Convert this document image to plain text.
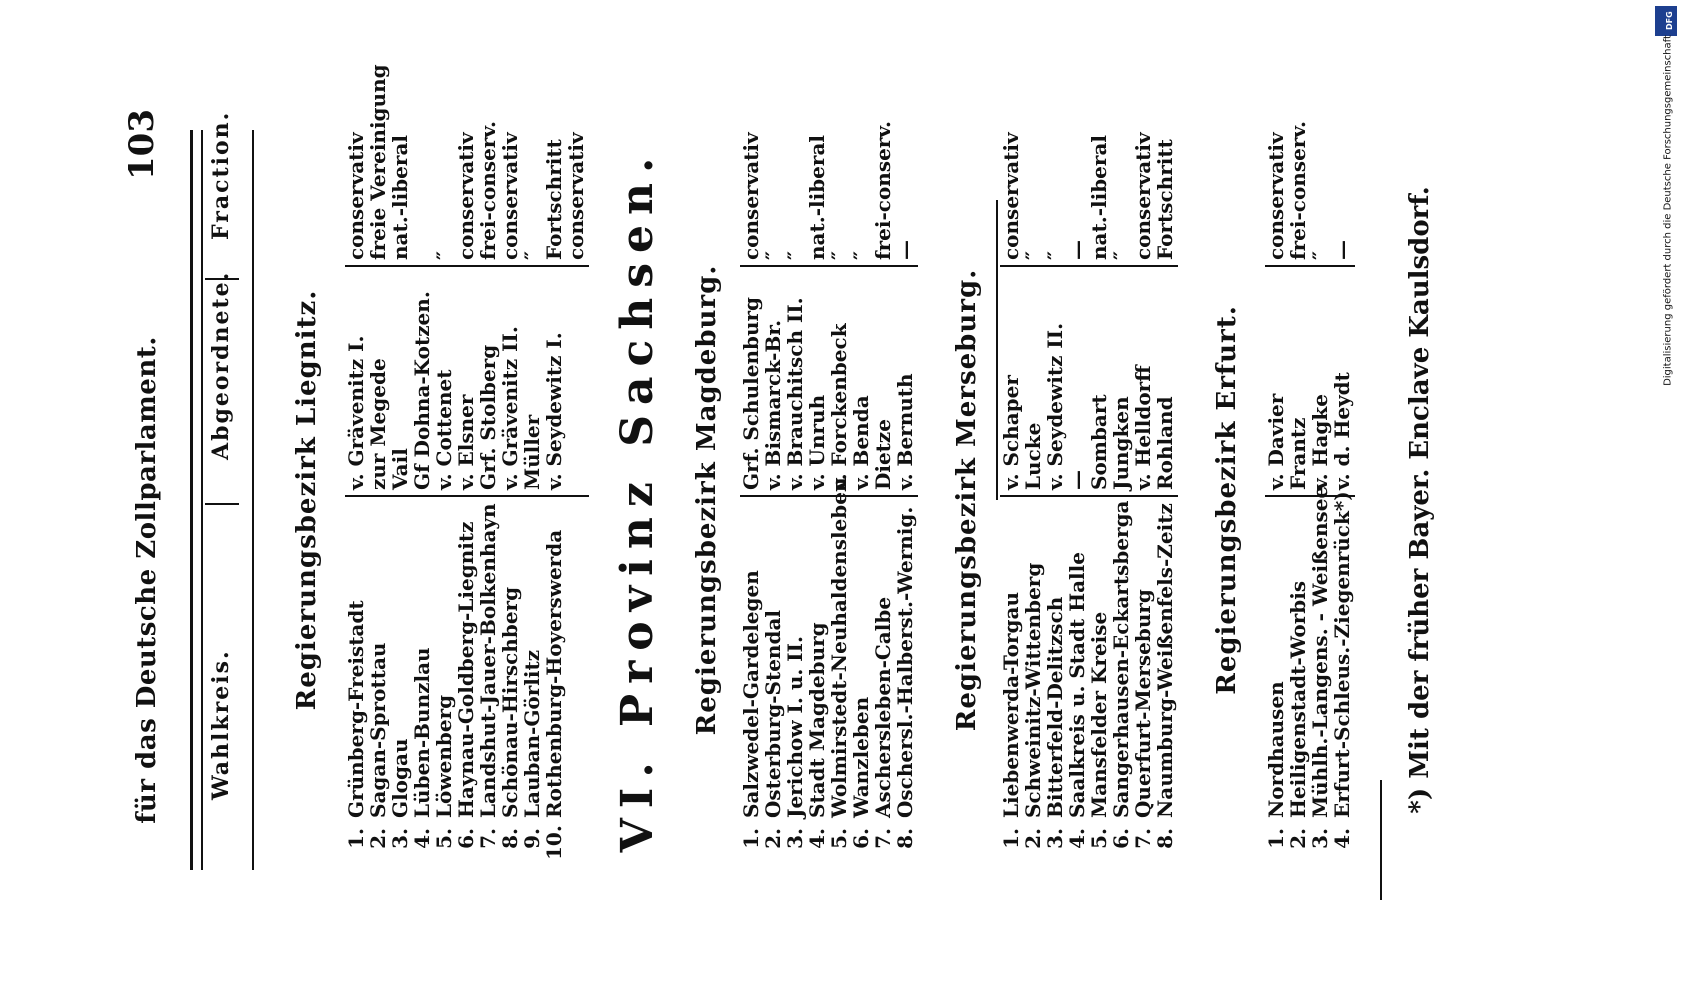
für das Deutsche Zollparlament.
103
Wahlkreis.
Abgeordnete.
Fraction.
Regierungsbezirk Liegnitz.
1.
Grünberg-Freistadt
v. Grävenitz I.
conservativ
2.
Sagan-Sprottau
zur Megede
freie Vereinigung
3.
Glogau
Vail
nat.-liberal
4.
Lüben-Bunzlau
Gf Dohna-Kotzen.
5.
Löwenberg
v. Cottenet
″
6.
Haynau-Goldberg-Liegnitz
v. Elsner
conservativ
7.
Landshut-Jauer-Bolkenhayn
Grf. Stolberg
frei-conserv.
8.
Schönau-Hirschberg
v. Grävenitz II.
conservativ
9.
Lauban-Görlitz
Müller
″
10.
Rothenburg-Hoyerswerda
v. Seydewitz I.
Fortschritt
conservativ VI. Provinz Sachsen. Regierungsbezirk Magdeburg.
1.
Salzwedel-Gardelegen
Grf. Schulenburg
conservativ
2.
Osterburg-Stendal
v. Bismarck-Br.
″
3.
Jerichow I. u. II.
v. Brauchitsch II.
″
4.
Stadt Magdeburg
v. Unruh
nat.-liberal
5.
Wolmirstedt-Neuhaldensleben
v. Forckenbeck
″
6.
Wanzleben
v. Benda
″
7.
Aschersleben-Calbe
Dietze
frei-conserv.
8.
Oschersl.-Halberst.-Wernig.
v. Bernuth
—
Regierungsbezirk Merseburg.
1.
Liebenwerda-Torgau
v. Schaper
conservativ
2.
Schweinitz-Wittenberg
Lucke
″
3.
Bitterfeld-Delitzsch
v. Seydewitz II.
″
4.
Saalkreis u. Stadt Halle
—
—
5.
Mansfelder Kreise
Sombart
nat.-liberal
6.
Sangerhausen-Eckartsberga
Jungken
″
7.
Querfurt-Merseburg
v. Helldorff
conservativ
8.
Naumburg-Weißenfels-Zeitz
Rohland
Fortschritt
Regierungsbezirk Erfurt.
1.
Nordhausen
v. Davier
conservativ
2.
Heiligenstadt-Worbis
Frantz
frei-conserv.
3.
Mühlh.-Langens. - Weißensee
v. Hagke
″
4.
Erfurt-Schleus.-Ziegenrück*)
v. d. Heydt
— *) Mit der früher Bayer. Enclave Kaulsdorf.
DFG
Digitalisierung gefördert durch die Deutsche Forschungsgemeinschaft
